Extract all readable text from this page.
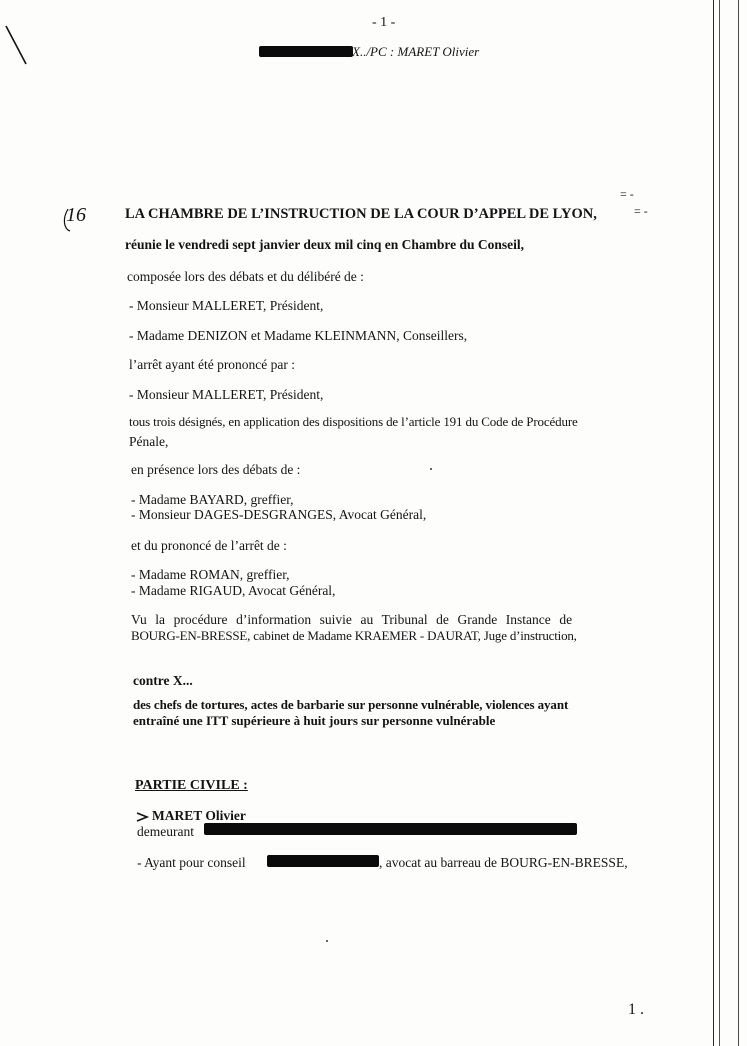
- 1 -
X../PC : MARET Olivier
16	LA CHAMBRE DE L’INSTRUCTION DE LA COUR D’APPEL DE LYON,	= -
= -
réunie le vendredi sept janvier deux mil cinq en Chambre du Conseil,
composée lors des débats et du délibéré de :
- Monsieur MALLERET, Président,
- Madame DENIZON et Madame KLEINMANN, Conseillers,
l’arrêt ayant été prononcé par :
- Monsieur MALLERET, Président,
tous trois désignés, en application des dispositions de l’article 191 du Code de Procédure
Pénale,
en présence lors des débats de :
- Madame BAYARD, greffier,
- Monsieur DAGES-DESGRANGES, Avocat Général,
et du prononcé de l’arrêt de :
- Madame ROMAN, greffier,
- Madame RIGAUD, Avocat Général,
Vu la procédure d’information suivie au Tribunal de Grande Instance de
BOURG-EN-BRESSE, cabinet de Madame KRAEMER - DAURAT, Juge d’instruction,
contre X...
des chefs de tortures, actes de barbarie sur personne vulnérable, violences ayant
entraîné une ITT supérieure à huit jours sur personne vulnérable
PARTIE CIVILE :
MARET Olivier
demeurant
- Ayant pour conseil	, avocat au barreau de BOURG-EN-BRESSE,
1 .
